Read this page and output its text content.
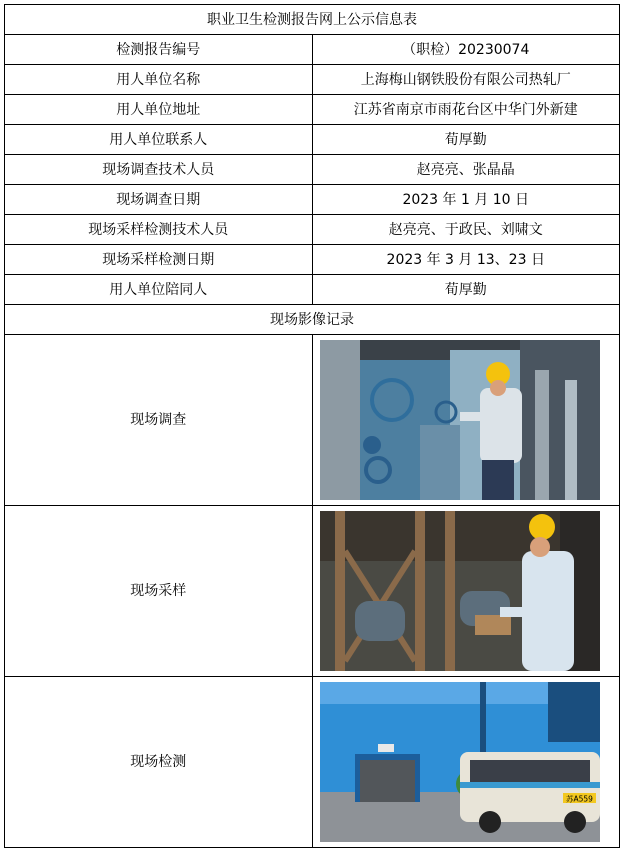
职业卫生检测报告网上公示信息表	
检测报告编号	（职检）20230074
用人单位名称	上海梅山钢铁股份有限公司热轧厂
用人单位地址	江苏省南京市雨花台区中华门外新建
用人单位联系人	荀厚勤
现场调查技术人员	赵亮亮、张晶晶
现场调查日期	2023 年 1 月 10 日
现场采样检测技术人员	赵亮亮、于政民、刘啸文
现场采样检测日期	2023 年 3 月 13、23 日
用人单位陪同人	荀厚勤
现场影像记录	
现场调查	

现场采样	

现场检测	苏A559
